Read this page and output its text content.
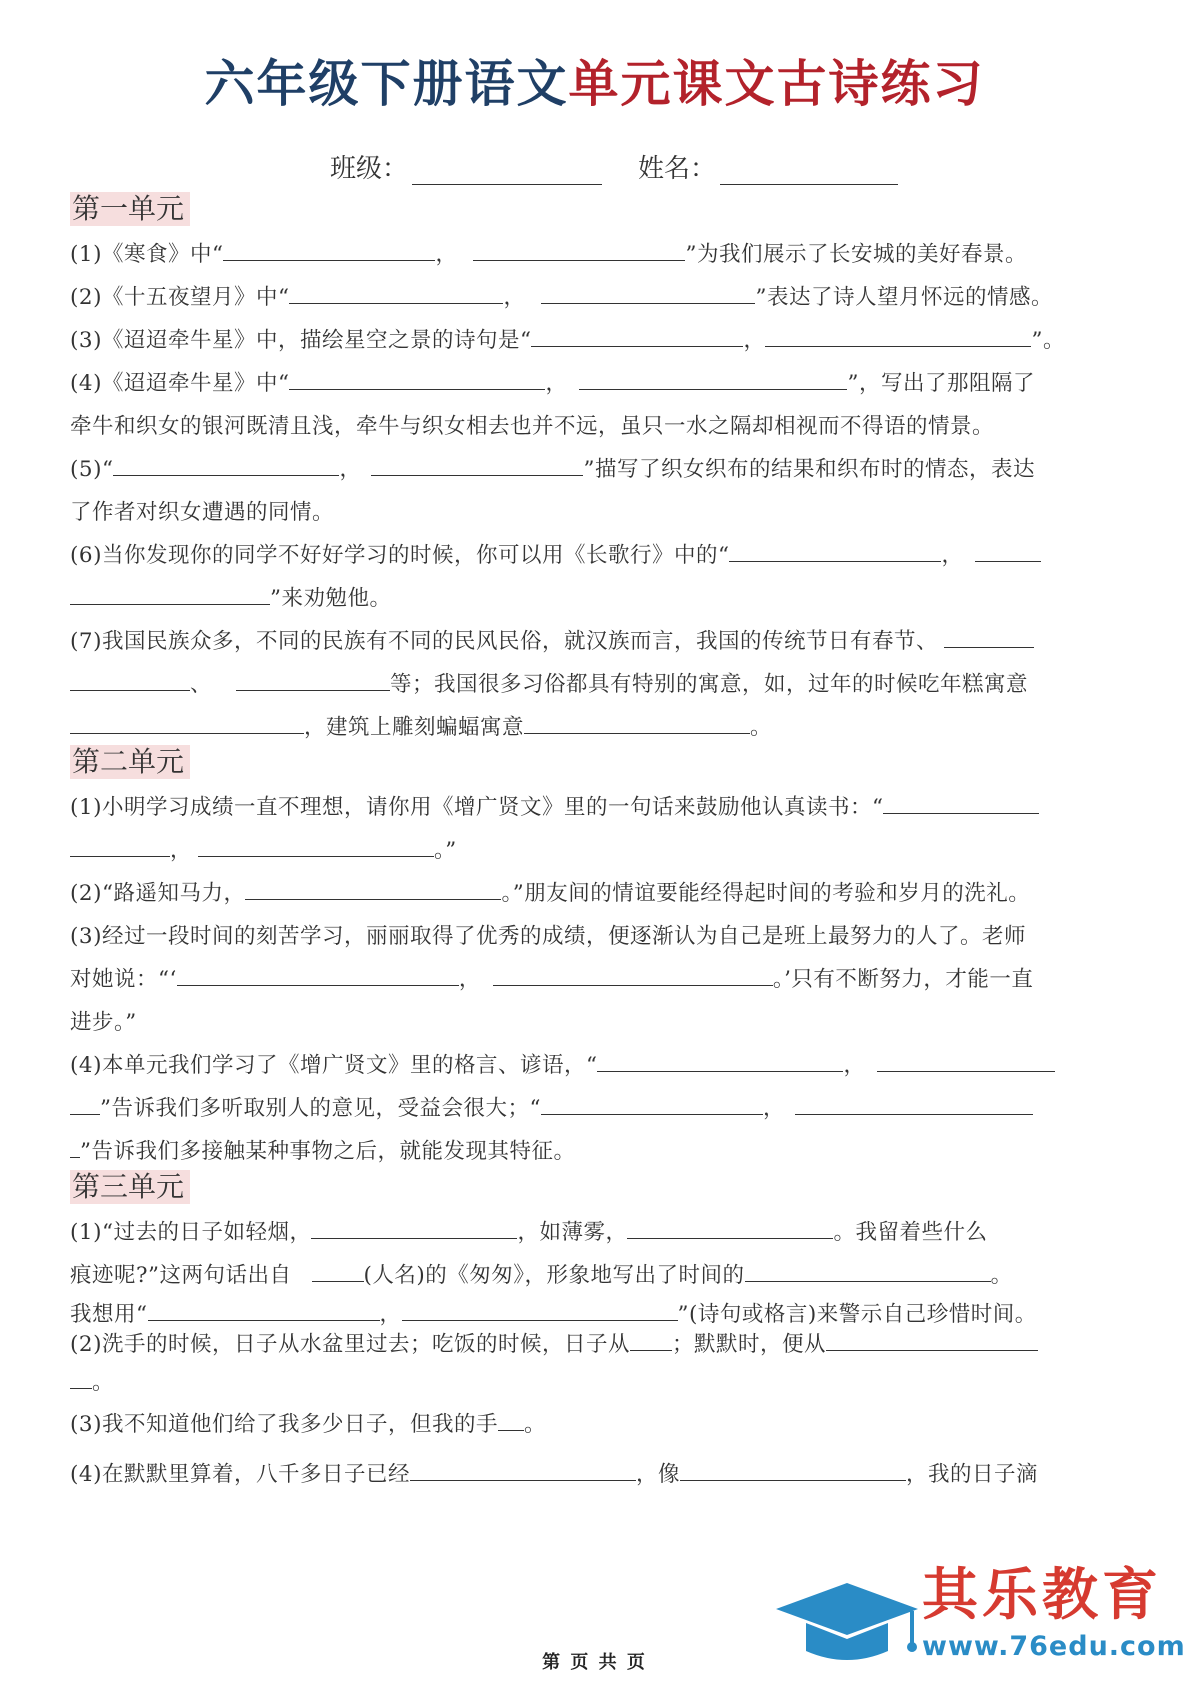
六年级下册语文单元课文古诗练习
班级：	姓名：
第一单元
(1)《寒食》中“	，	”为我们展示了长安城的美好春景。
(2)《十五夜望月》中“	，	”表达了诗人望月怀远的情感。
(3)《迢迢牵牛星》中，描绘星空之景的诗句是“	，	”。
(4)《迢迢牵牛星》中“	，	”，写出了那阻隔了
牵牛和织女的银河既清且浅，牵牛与织女相去也并不远，虽只一水之隔却相视而不得语的情景。
(5)“	，	”描写了织女织布的结果和织布时的情态，表达
了作者对织女遭遇的同情。
(6)当你发现你的同学不好好学习的时候，你可以用《长歌行》中的“	，
”来劝勉他。
(7)我国民族众多，不同的民族有不同的民风民俗，就汉族而言，我国的传统节日有春节、
、	等；我国很多习俗都具有特别的寓意，如，过年的时候吃年糕寓意
，建筑上雕刻蝙蝠寓意	。
第二单元
(1)小明学习成绩一直不理想，请你用《增广贤文》里的一句话来鼓励他认真读书：“
，	。”
(2)“路遥知马力，	。”朋友间的情谊要能经得起时间的考验和岁月的洗礼。
(3)经过一段时间的刻苦学习，丽丽取得了优秀的成绩，便逐渐认为自己是班上最努力的人了。老师
对她说：“‘	，	。’只有不断努力，才能一直
进步。”
(4)本单元我们学习了《增广贤文》里的格言、谚语，“	，
”告诉我们多听取别人的意见，受益会很大；“	，
”告诉我们多接触某种事物之后，就能发现其特征。
第三单元
(1)“过去的日子如轻烟，	，如薄雾，	。我留着些什么
痕迹呢?”这两句话出自	(人名)的《匆匆》，形象地写出了时间的	。
我想用“	，	”(诗句或格言)来警示自己珍惜时间。
(2)洗手的时候，日子从水盆里过去；吃饭的时候，日子从 ；默默时，便从
。
(3)我不知道他们给了我多少日子，但我的手 。
(4)在默默里算着，八千多日子已经	，像	，我的日子滴
其乐教育
www.76edu.com
第 页 共 页
